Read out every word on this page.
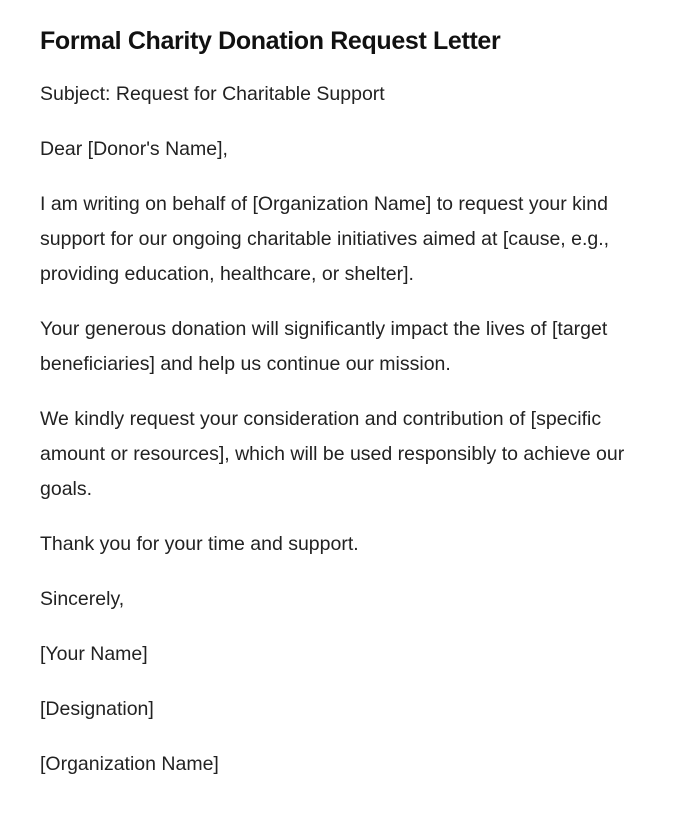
Formal Charity Donation Request Letter

Subject: Request for Charitable Support

Dear [Donor's Name],

I am writing on behalf of [Organization Name] to request your kind support for our ongoing charitable initiatives aimed at [cause, e.g., providing education, healthcare, or shelter].

Your generous donation will significantly impact the lives of [target beneficiaries] and help us continue our mission.

We kindly request your consideration and contribution of [specific amount or resources], which will be used responsibly to achieve our goals.

Thank you for your time and support.

Sincerely,

[Your Name]

[Designation]

[Organization Name]
